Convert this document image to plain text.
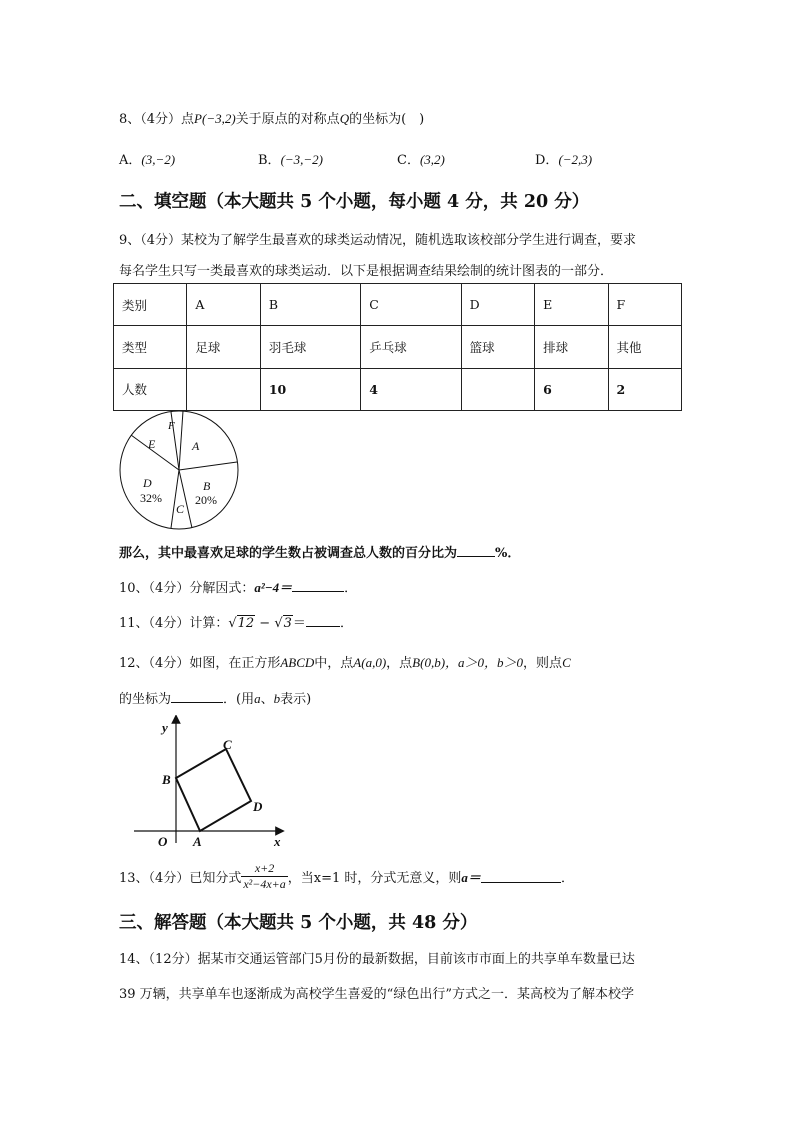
8、（4分）点P(−3,2)关于原点的对称点Q的坐标为(　)
A．(3,−2)	B．(−3,−2)	C．(3,2)	D．(−2,3)
二、填空题（本大题共 5 个小题，每小题 4 分，共 20 分）
9、（4分）某校为了解学生最喜欢的球类运动情况，随机选取该校部分学生进行调查，要求
每名学生只写一类最喜欢的球类运动．以下是根据调查结果绘制的统计图表的一部分．
类别	A	B	C	D	E	F
类型	足球	羽毛球	乒乓球	篮球	排球	其他
人数		10	4		6	2
A
B
20%
C
D
32%
E
F
那么，其中最喜欢足球的学生数占被调查总人数的百分比为	%．
10、（4分）分解因式：a²−4＝	．
11、（4分）计算：√12 − √3＝	．
12、（4分）如图，在正方形ABCD中，点A(a,0)，点B(0,b)，a＞0，b＞0，则点C
的坐标为	．(用a、b表示)
y
x
O A
B
C
D
13、（4分）已知分式 $\frac{x+2}{\text{x²−4x+a}}$ ，当x=1 时，分式无意义，则a＝	．
三、解答题（本大题共 5 个小题，共 48 分）
14、（12分）据某市交通运管部门5月份的最新数据，目前该市市面上的共享单车数量已达
39 万辆，共享单车也逐渐成为高校学生喜爱的“绿色出行”方式之一．某高校为了解本校学
